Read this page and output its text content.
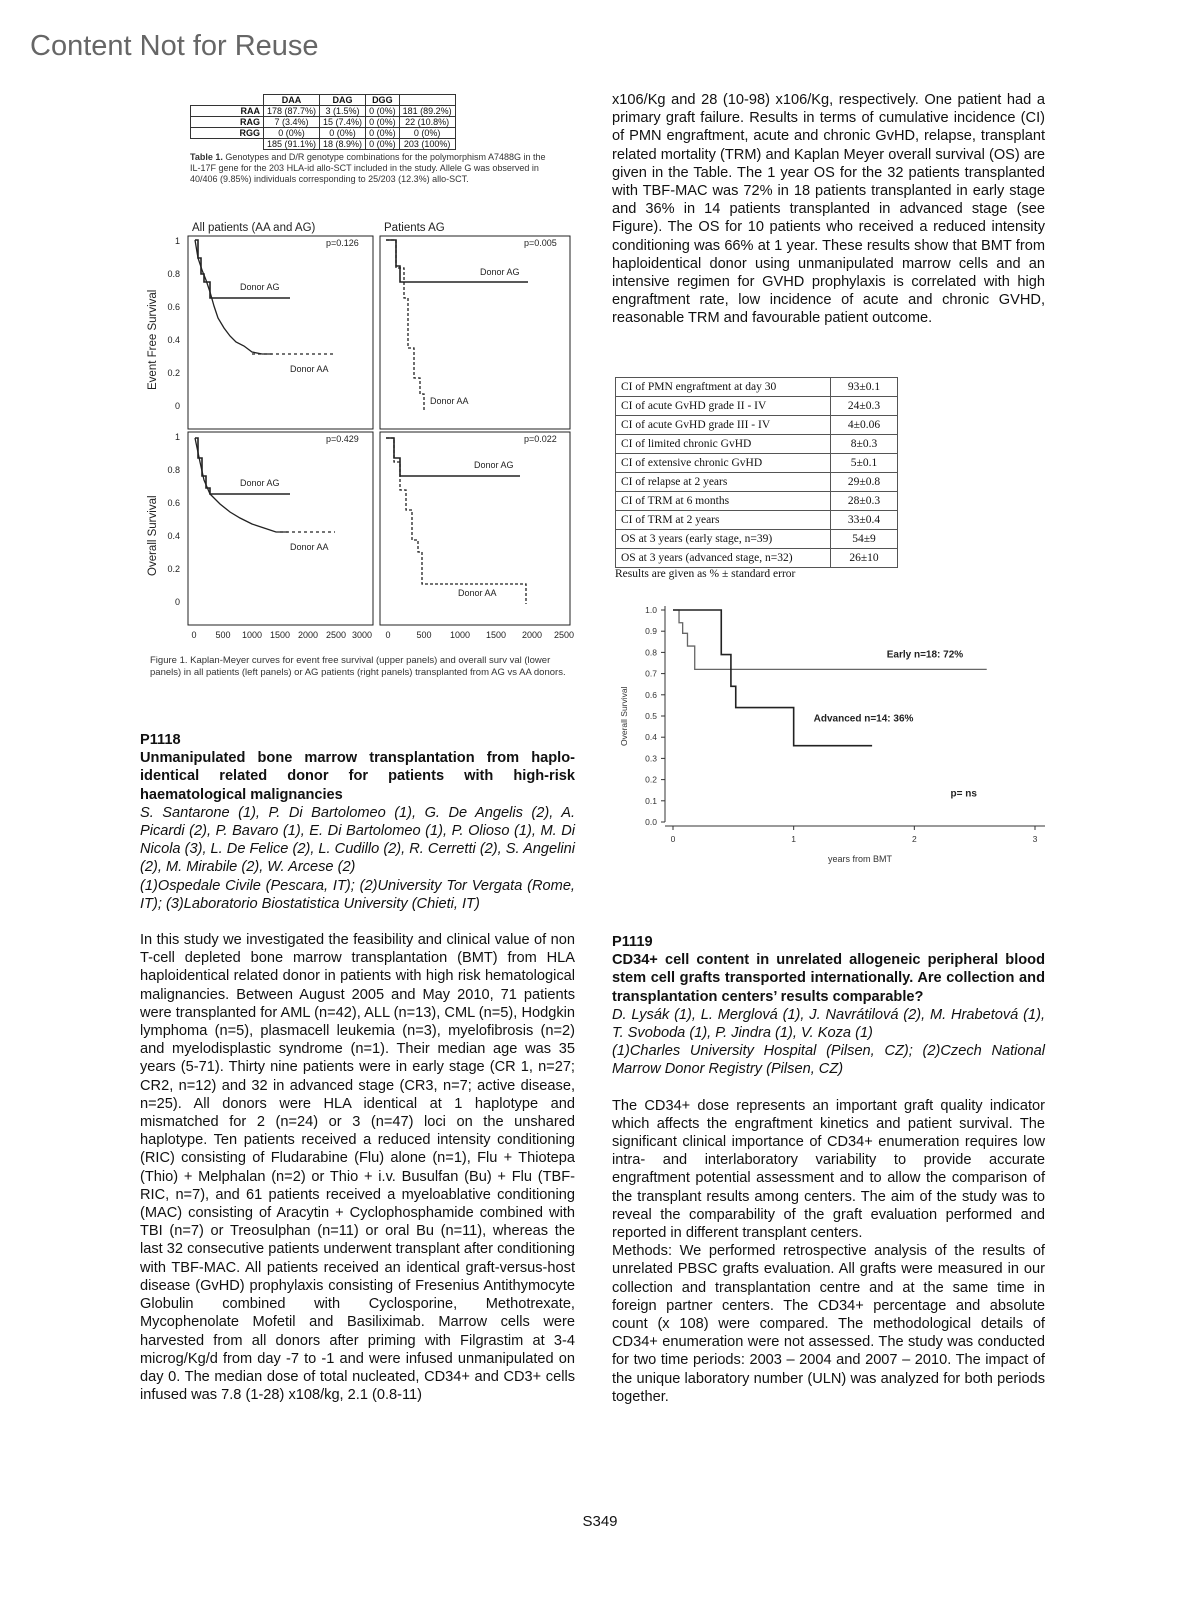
Content Not for Reuse
	DAA	DAG	DGG	
RAA	178 (87.7%)	3 (1.5%)	0 (0%)	181 (89.2%)
RAG	7 (3.4%)	15 (7.4%)	0 (0%)	22 (10.8%)
RGG	0 (0%)	0 (0%)	0 (0%)	0 (0%)
	185 (91.1%)	18 (8.9%)	0 (0%)	203 (100%)
Table 1. Genotypes and D/R genotype combinations for the polymorphism A7488G in the IL-17F gene for the 203 HLA-id allo-SCT included in the study. Allele G was observed in 40/406 (9.85%) individuals corresponding to 25/203 (12.3%) allo-SCT.
All patients (AA and AG)	Patients AG
Event Free Survival
Overall Survival
1
0.8
0.6
0.4
0.2
0
1
0.8
0.6
0.4
0.2
0
p=0.126	p=0.005
p=0.429	p=0.022
Donor AG
Donor AA
Donor AG
Donor AA
Donor AG
Donor AA
Donor AG
Donor AA
0 500 1000 1500 2000 2500 3000 0	500 1000 1500 2000 2500
Figure 1. Kaplan-Meyer curves for event free survival (upper panels) and overall surv val (lower panels) in all patients (left panels) or AG patients (right panels) transplanted from AG vs AA donors.
P1118

Unmanipulated bone marrow transplantation from haplo-identical related donor for patients with high-risk haematological malignancies

S. Santarone (1), P. Di Bartolomeo (1), G. De Angelis (2), A. Picardi (2), P. Bavaro (1), E. Di Bartolomeo (1), P. Olioso (1), M. Di Nicola (3), L. De Felice (2), L. Cudillo (2), R. Cerretti (2), S. Angelini (2), M. Mirabile (2), W. Arcese (2)

(1)Ospedale Civile (Pescara, IT); (2)University Tor Vergata (Rome, IT); (3)Laboratorio Biostatistica University (Chieti, IT)

In this study we investigated the feasibility and clinical value of non T-cell depleted bone marrow transplantation (BMT) from HLA haploidentical related donor in patients with high risk hematological malignancies. Between August 2005 and May 2010, 71 patients were transplanted for AML (n=42), ALL (n=13), CML (n=5), Hodgkin lymphoma (n=5), plasmacell leukemia (n=3), myelofibrosis (n=2) and myelodisplastic syndrome (n=1). Their median age was 35 years (5-71). Thirty nine patients were in early stage (CR 1, n=27; CR2, n=12) and 32 in advanced stage (CR3, n=7; active disease, n=25). All donors were HLA identical at 1 haplotype and mismatched for 2 (n=24) or 3 (n=47) loci on the unshared haplotype. Ten patients received a reduced intensity conditioning (RIC) consisting of Fludarabine (Flu) alone (n=1), Flu + Thiotepa (Thio) + Melphalan (n=2) or Thio + i.v. Busulfan (Bu) + Flu (TBF-RIC, n=7), and 61 patients received a myeloablative conditioning (MAC) consisting of Aracytin + Cyclophosphamide combined with TBI (n=7) or Treosulphan (n=11) or oral Bu (n=11), whereas the last 32 consecutive patients underwent transplant after conditioning with TBF-MAC. All patients received an identical graft-versus-host disease (GvHD) prophylaxis consisting of Fresenius Antithymocyte Globulin combined with Cyclosporine, Methotrexate, Mycophenolate Mofetil and Basiliximab. Marrow cells were harvested from all donors after priming with Filgrastim at 3-4 microg/Kg/d from day -7 to -1 and were infused unmanipulated on day 0. The median dose of total nucleated, CD34+ and CD3+ cells infused was 7.8 (1-28) x108/kg, 2.1 (0.8-11)

x106/Kg and 28 (10-98) x106/Kg, respectively. One patient had a primary graft failure. Results in terms of cumulative incidence (CI) of PMN engraftment, acute and chronic GvHD, relapse, transplant related mortality (TRM) and Kaplan Meyer overall survival (OS) are given in the Table. The 1 year OS for the 32 patients transplanted with TBF-MAC was 72% in 18 patients transplanted in early stage and 36% in 14 patients transplanted in advanced stage (see Figure). The OS for 10 patients who received a reduced intensity conditioning was 66% at 1 year. These results show that BMT from haploidentical donor using unmanipulated marrow cells and an intensive regimen for GVHD prophylaxis is correlated with high engraftment rate, low incidence of acute and chronic GVHD, reasonable TRM and favourable patient outcome.

CI of PMN engraftment at day 30	93±0.1
CI of acute GvHD grade II - IV	24±0.3
CI of acute GvHD grade III - IV	4±0.06
CI of limited chronic GvHD	8±0.3
CI of extensive chronic GvHD	5±0.1
CI of relapse at 2 years	29±0.8
CI of TRM at 6 months	28±0.3
CI of TRM at 2 years	33±0.4
OS at 3 years (early stage, n=39)	54±9
OS at 3 years (advanced stage, n=32)	26±10
Results are given as % ± standard error
1.0
0.9
0.8
0.7
0.6
0.5
0.4
0.3
0.2
0.1
0.0
0	1	2	3
Overall Survival
years from BMT
Early n=18: 72%
Advanced n=14: 36%
p= ns
P1119

CD34+ cell content in unrelated allogeneic peripheral blood stem cell grafts transported internationally. Are collection and transplantation centers’ results comparable?

D. Lysák (1), L. Merglová (1), J. Navrátilová (2), M. Hrabetová (1), T. Svoboda (1), P. Jindra (1), V. Koza (1)

(1)Charles University Hospital (Pilsen, CZ); (2)Czech National Marrow Donor Registry (Pilsen, CZ)

The CD34+ dose represents an important graft quality indicator which affects the engraftment kinetics and patient survival. The significant clinical importance of CD34+ enumeration requires low intra- and interlaboratory variability to provide accurate engraftment potential assessment and to allow the comparison of the transplant results among centers. The aim of the study was to reveal the comparability of the graft evaluation performed and reported in different transplant centers.

Methods: We performed retrospective analysis of the results of unrelated PBSC grafts evaluation. All grafts were measured in our collection and transplantation centre and at the same time in foreign partner centers. The CD34+ percentage and absolute count (x 108) were compared. The methodological details of CD34+ enumeration were not assessed. The study was conducted for two time periods: 2003 – 2004 and 2007 – 2010. The impact of the unique laboratory number (ULN) was analyzed for both periods together.

S349
